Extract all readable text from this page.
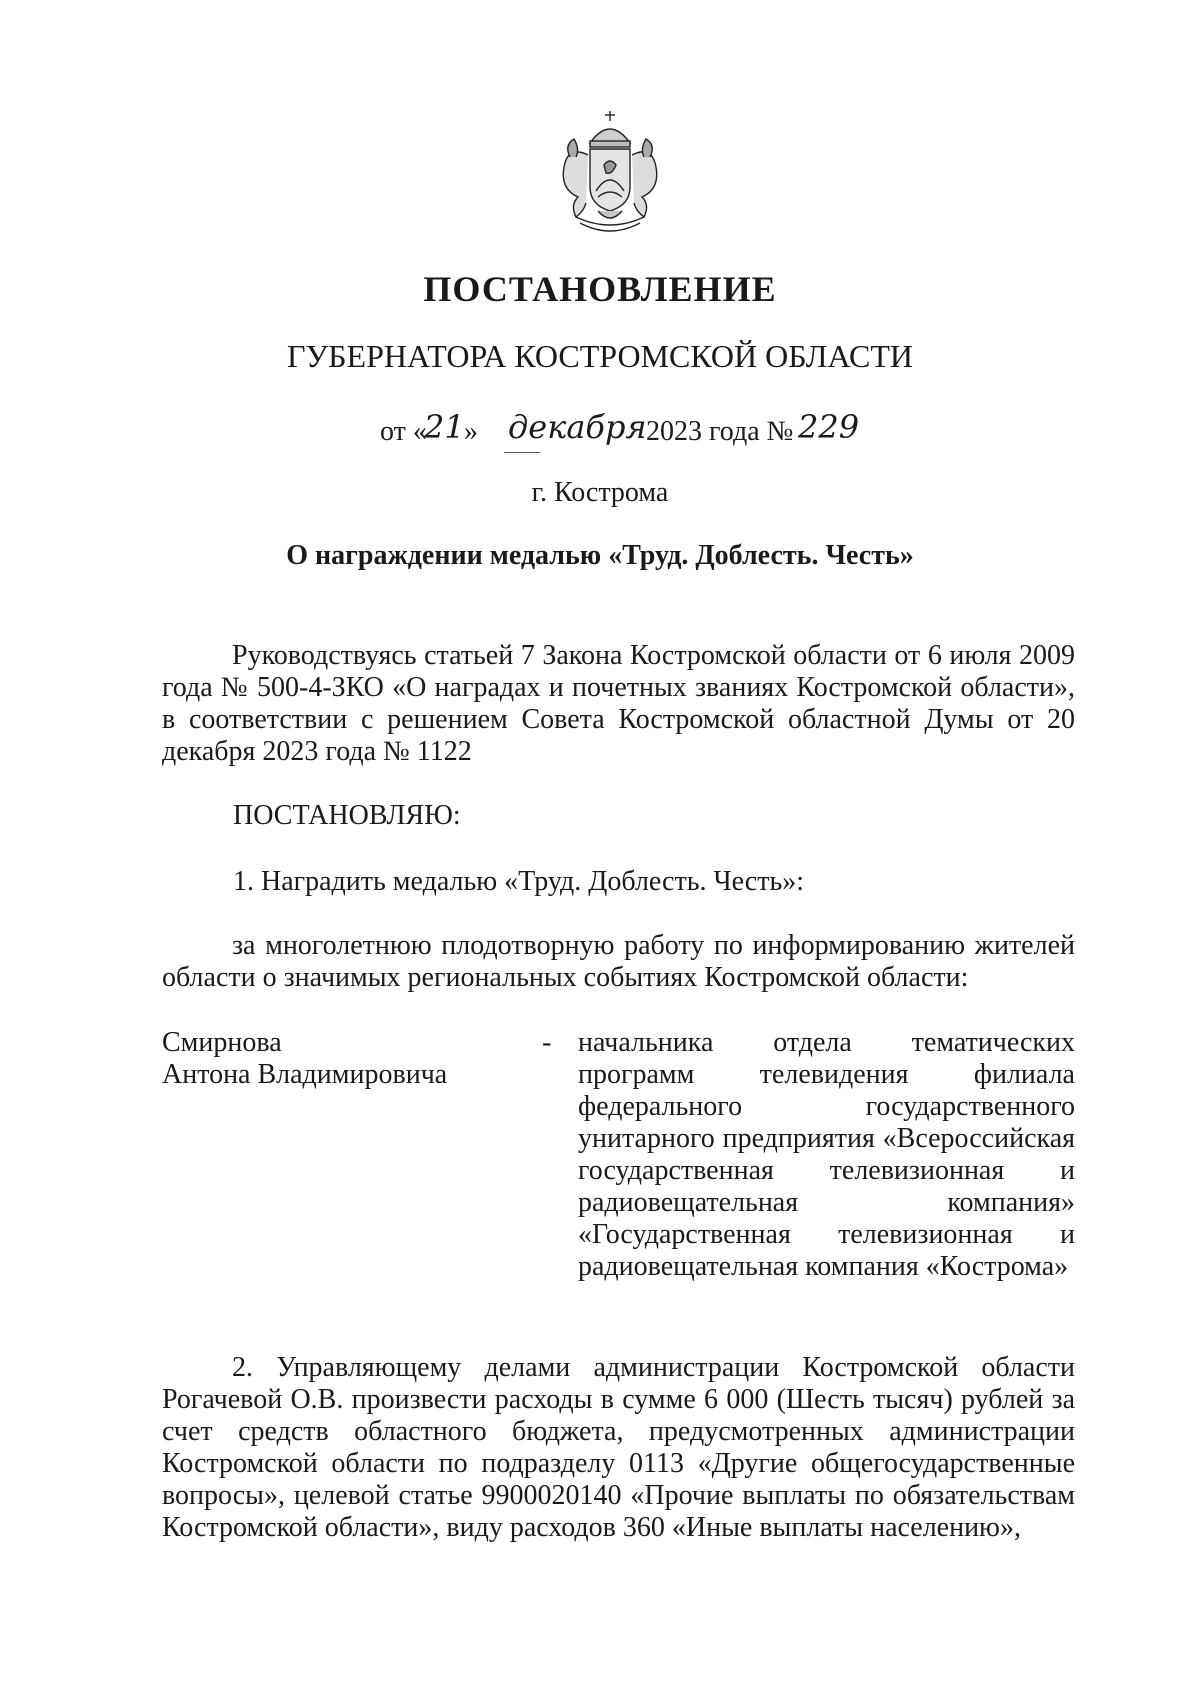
ПОСТАНОВЛЕНИЕ
ГУБЕРНАТОРА КОСТРОМСКОЙ ОБЛАСТИ
от «
21 » декабря 2023 года № 229
г. Кострома
О награждении медалью «Труд. Доблесть. Честь»
Руководствуясь статьей 7 Закона Костромской области от 6 июля 2009 года № 500-4-ЗКО «О наградах и почетных званиях Костромской области», в соответствии с решением Совета Костромской областной Думы от 20 декабря 2023 года № 1122
ПОСТАНОВЛЯЮ:
1. Наградить медалью «Труд. Доблесть. Честь»:
за многолетнюю плодотворную работу по информированию жителей области о значимых региональных событиях Костромской области:
Смирнова
Антона Владимировича
- начальника отдела тематических программ телевидения филиала федерального государственного унитарного предприятия «Всероссийская государственная телевизионная и радиовещательная компания» «Государственная телевизионная и радиовещательная компания «Кострома»
2. Управляющему делами администрации Костромской области Рогачевой О.В. произвести расходы в сумме 6 000 (Шесть тысяч) рублей за счет средств областного бюджета, предусмотренных администрации Костромской области по подразделу 0113 «Другие общегосударственные вопросы», целевой статье 9900020140 «Прочие выплаты по обязательствам Костромской области», виду расходов 360 «Иные выплаты населению»,
